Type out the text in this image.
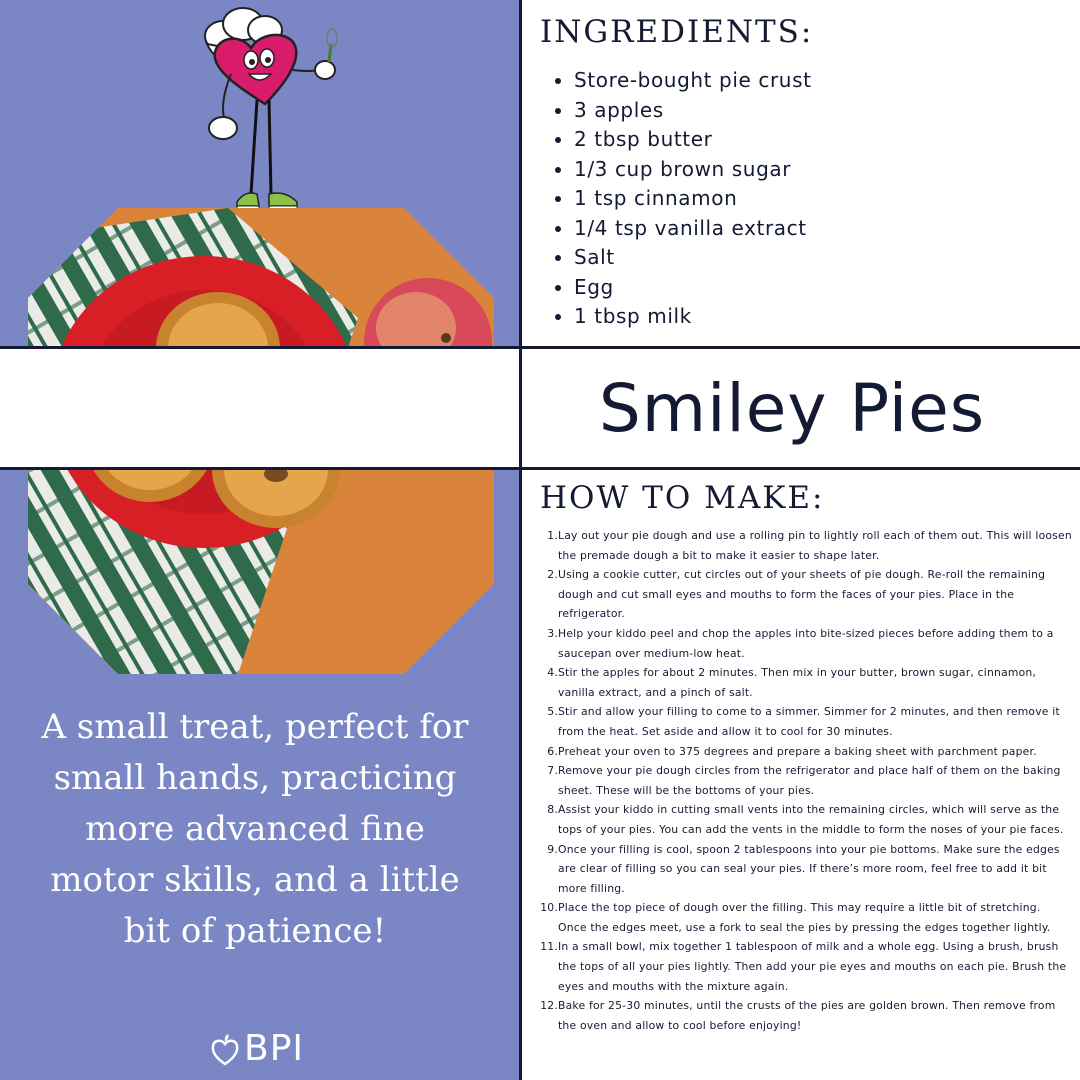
Smiley Pies
INGREDIENTS:
• Store-bought pie crust
• 3 apples
• 2 tbsp butter
• 1/3 cup brown sugar
• 1 tsp cinnamon
• 1/4 tsp vanilla extract
• Salt
• Egg
• 1 tbsp milk
HOW TO MAKE:
1. Lay out your pie dough and use a rolling pin to lightly roll each of them out. This will loosen the premade dough a bit to make it easier to shape later.
2. Using a cookie cutter, cut circles out of your sheets of pie dough. Re-roll the remaining dough and cut small eyes and mouths to form the faces of your pies. Place in the refrigerator.
3. Help your kiddo peel and chop the apples into bite-sized pieces before adding them to a saucepan over medium-low heat.
4. Stir the apples for about 2 minutes. Then mix in your butter, brown sugar, cinnamon, vanilla extract, and a pinch of salt.
5. Stir and allow your filling to come to a simmer. Simmer for 2 minutes, and then remove it from the heat. Set aside and allow it to cool for 30 minutes.
6. Preheat your oven to 375 degrees and prepare a baking sheet with parchment paper.
7. Remove your pie dough circles from the refrigerator and place half of them on the baking sheet. These will be the bottoms of your pies.
8. Assist your kiddo in cutting small vents into the remaining circles, which will serve as the tops of your pies. You can add the vents in the middle to form the noses of your pie faces.
9. Once your filling is cool, spoon 2 tablespoons into your pie bottoms. Make sure the edges are clear of filling so you can seal your pies. If there’s more room, feel free to add it bit more filling.
10. Place the top piece of dough over the filling. This may require a little bit of stretching. Once the edges meet, use a fork to seal the pies by pressing the edges together lightly.
11. In a small bowl, mix together 1 tablespoon of milk and a whole egg. Using a brush, brush the tops of all your pies lightly. Then add your pie eyes and mouths on each pie. Brush the eyes and mouths with the mixture again.
12. Bake for 25-30 minutes, until the crusts of the pies are golden brown. Then remove from the oven and allow to cool before enjoying!

A small treat, perfect for small hands, practicing more advanced fine motor skills, and a little bit of patience!

BPI
